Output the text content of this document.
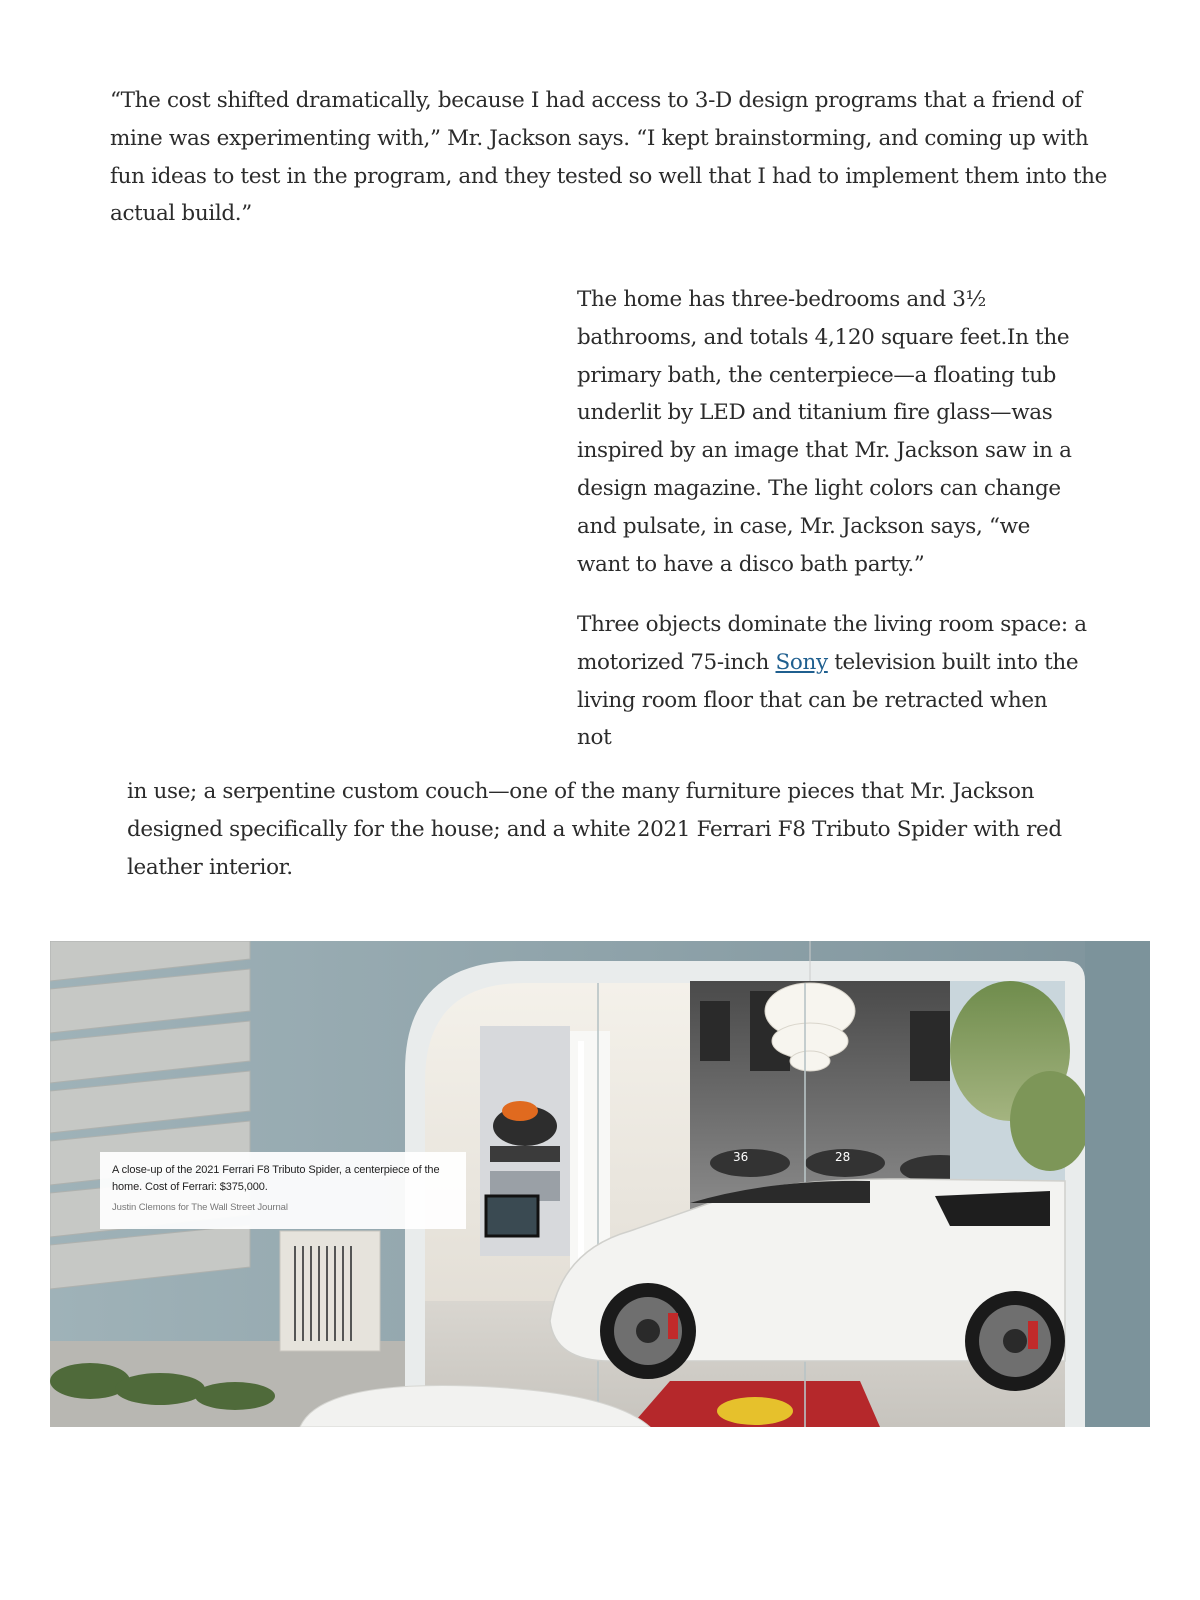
“The cost shifted dramatically, because I had access to 3-D design programs that a friend of mine was experimenting with,” Mr. Jackson says. “I kept brainstorming, and coming up with fun ideas to test in the program, and they tested so well that I had to implement them into the actual build.”

The home has three-bedrooms and 3½ bathrooms, and totals 4,120 square feet.In the primary bath, the centerpiece—a floating tub underlit by LED and titanium fire glass—was inspired by an image that Mr. Jackson saw in a design magazine. The light colors can change and pulsate, in case, Mr. Jackson says, “we want to have a disco bath party.”

Three objects dominate the living room space: a motorized 75-inch Sony television built into the living room floor that can be retracted when not

in use; a serpentine custom couch—one of the many furniture pieces that Mr. Jackson designed specifically for the house; and a white 2021 Ferrari F8 Tributo Spider with red leather interior.

36	28
A close-up of the 2021 Ferrari F8 Tributo Spider, a centerpiece of the home. Cost of Ferrari: $375,000.
Justin Clemons for The Wall Street Journal
